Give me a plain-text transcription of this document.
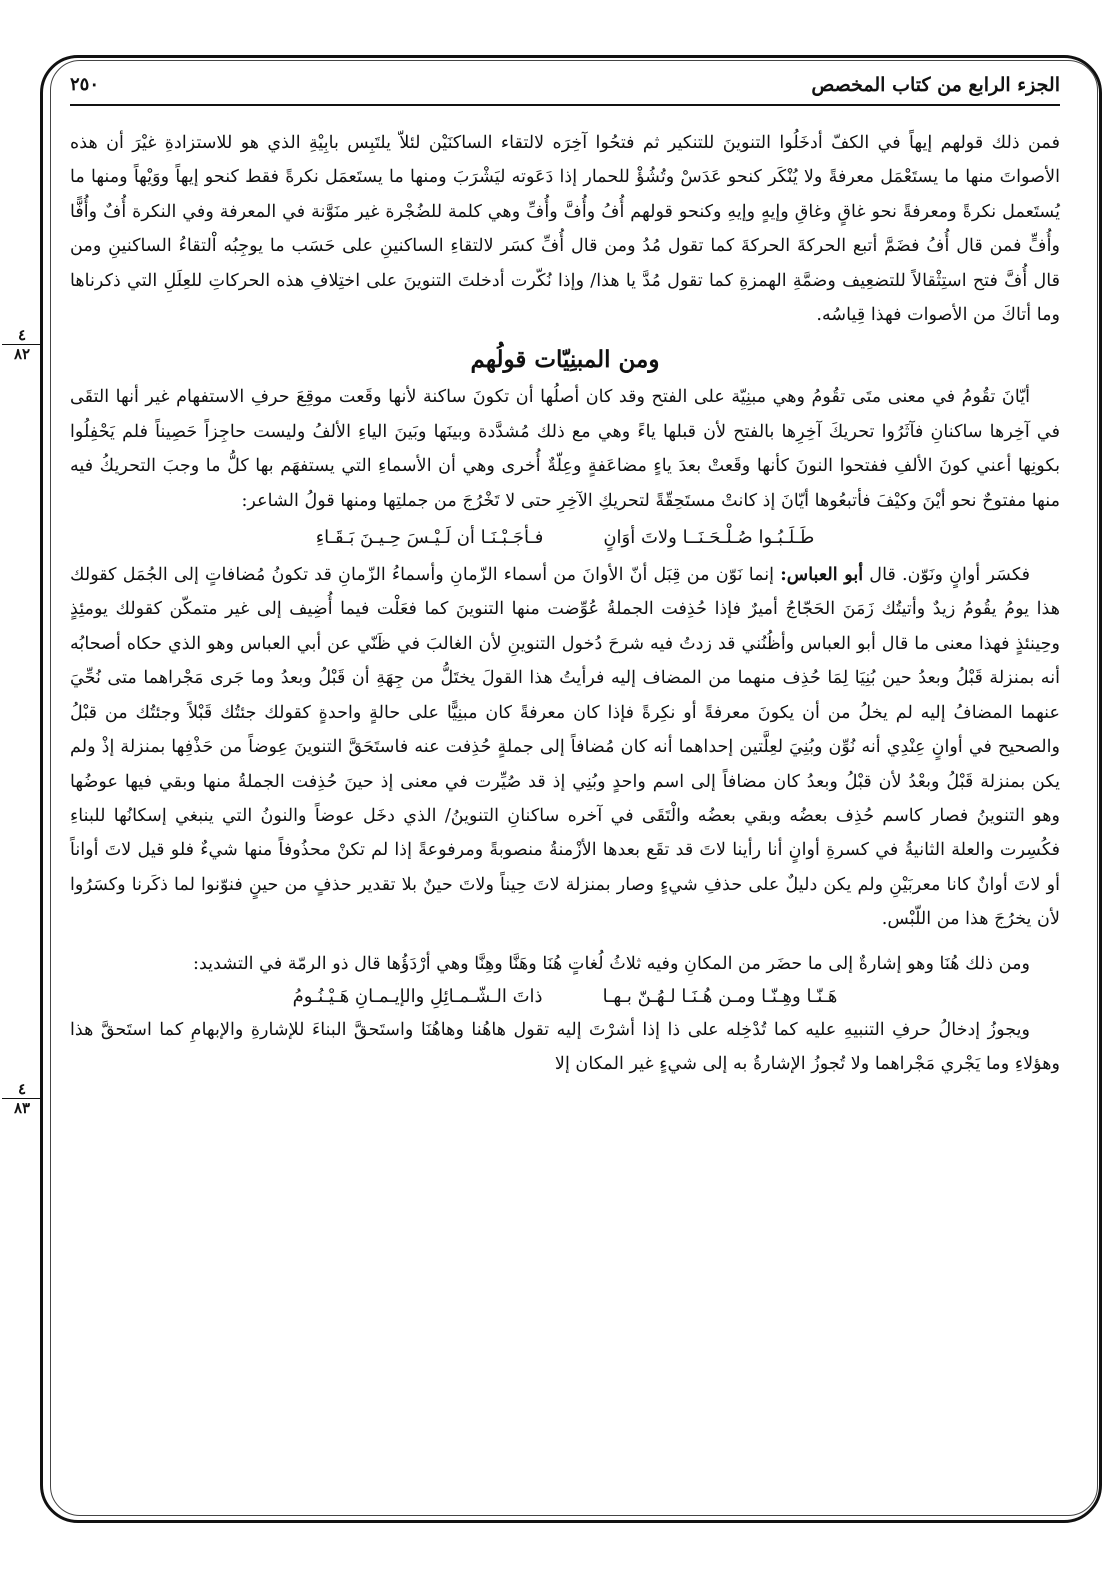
الجزء الرابع من كتاب المخصص
٢٥٠
٤
٨٢
٤
٨٣

فمن ذلك قولهم إيهاً في الكفّ أدخَلُوا التنوينَ للتنكير ثم فتحُوا آخِرَه لالتقاء الساكنَيْن لئلاّ يلتَبِس بابِيْةِ الذي هو للاستزادةِ غيْرَ أن هذه الأصواتَ منها ما يستَعْمَل معرفةً ولا يُنْكَر كنحو عَدَسْ وتُشُؤْ للحمار إذا دَعَوته ليَشْرَبَ ومنها ما يستَعمَل نكرةً فقط كنحو إيهاً ووَيْهاً ومنها ما يُستَعمل نكرةً ومعرفةً نحو غاقٍ وغاقِ وإيهٍ وإيهِ وكنحو قولهم أُفُ وأُفَّ وأُفِّ وهي كلمة للضُجْرة غير منَوَّنة في المعرفة وفي النكرة أُفٌ وأُفًّا وأُفٍّ فمن قال أُفُ فضَمَّ أتبع الحركةَ الحركةَ كما تقول مُدُ ومن قال أُفِّ كسَر لالتقاءِ الساكنينِ على حَسَب ما يوجِبُه اْلتقاءُ الساكنينِ ومن قال أُفَّ فتح استِثْقالاً للتضعِيف وضمَّةِ الهمزةِ كما تقول مُدَّ يا هذا/ وإذا نُكّرت أدخلتَ التنوينَ على اختِلافِ هذه الحركاتِ للعِلَلِ التي ذكرناها وما أتاكَ من الأصوات فهذا قِياسُه.

ومن المبنِيّات قولُهم

أيّانَ تقُومُ في معنى متَى تقُومُ وهي مبنِيّة على الفتح وقد كان أصلُها أن تكونَ ساكنة لأنها وقَعت موقِعَ حرفِ الاستفهام غير أنها التقَى في آخِرها ساكنانِ فآثَرُوا تحريكَ آخِرِها بالفتح لأن قبلها ياءً وهي مع ذلك مُشدَّدة وبينَها وبَينَ الياءِ الألفُ وليست حاجِزاً حَصِيناً فلم يَحْفِلُوا بكونِها أعني كونَ الألفِ ففتحوا النونَ كأنها وقَعتْ بعدَ ياءٍ مضاعَفةٍ وعِلّةٌ أُخرى وهي أن الأسماءِ التي يستفهَم بها كلُّ ما وجبَ التحريكُ فيه منها مفتوحٌ نحو أيْنَ وكيْفَ فأتبعُوها أيّانَ إذ كانتْ مستَحِقّةً لتحريكِ الآخِرِ حتى لا تَخْرُجَ من جملتِها ومنها قولُ الشاعر:

طَـلَـبُـوا صُـلْـحَـنَــا ولاتَ أوَانٍ
فـأجَـبْـنَـا أن لَـيْـسَ حِـيـنَ بَـقَـاءِ

فكسَر أوانٍ ونَوّن. قال أبو العباس: إنما نَوّن من قِبَل أنّ الأوانَ من أسماء الزّمانِ وأسماءُ الزّمانِ قد تكونُ مُضافاتٍ إلى الجُمَل كقولك هذا يومُ يقُومُ زيدٌ وأتيتُك زَمَنَ الحَجّاجُ أميرٌ فإذا حُذِفت الجملةُ عُوِّضت منها التنوينَ كما فعَلْت فيما أُضِيف إلى غير متمكّن كقولك يومئِذٍ وحِينئذٍ فهذا معنى ما قال أبو العباس وأظُنُني قد زدتُ فيه شرحَ دُخول التنوينِ لأن الغالبَ في ظَنّي عن أبي العباس وهو الذي حكاه أصحابُه أنه بمنزلة قَبْلُ وبعدُ حين بُنِيَا لِمَا حُذِف منهما من المضاف إليه فرأيتُ هذا القولَ يختَلُّ من جِهَةِ أن قَبْلُ وبعدُ وما جَرى مَجْراهما متى نُحِّيَ عنهما المضافُ إليه لم يخلُ من أن يكونَ معرفةً أو نكِرةً فإذا كان معرفةً كان مبنِيًّا على حالةٍ واحدةٍ كقولك جئتُك قَبْلاً وجئتُك من قبْلُ والصحيح في أوانٍ عِنْدِي أنه نُوِّن وبُنِيَ لعِلَّتين إحداهما أنه كان مُضافاً إلى جملةٍ حُذِفت عنه فاستَحَقَّ التنوينَ عِوضاً من حَذْفِها بمنزلة إذْ ولم يكن بمنزلة قَبْلُ وبعْدُ لأن قبْلُ وبعدُ كان مضافاً إلى اسم واحدٍ وبُنِي إذ قد صُيِّرت في معنى إذ حينَ حُذِفت الجملةُ منها وبقي فيها عوضُها وهو التنوينُ فصار كاسم حُذِف بعضُه وبقي بعضُه والْتَقَى في آخره ساكنانِ التنوينُ/ الذي دخَل عوضاً والنونُ التي ينبغي إسكانُها للبناءِ فكُسِرت والعلة الثانيةُ في كسرةِ أوانٍ أنا رأينا لاتَ قد تقَع بعدها الأزْمنةُ منصوبةً ومرفوعةً إذا لم تكنْ محذُوفاً منها شيءٌ فلو قيل لاتَ أواناً أو لاتَ أوانٌ كانا معربَيْنِ ولم يكن دليلٌ على حذفِ شيءٍ وصار بمنزلة لاتَ حِيناً ولاتَ حينٌ بلا تقدير حذفٍ من حينٍ فنوّنوا لما ذكَرنا وكسَرُوا لأن يخرُجَ هذا من اللّبْس.

ومن ذلك هُنَا وهو إشارةٌ إلى ما حضَر من المكانِ وفيه ثلاثُ لُغاتٍ هُنَا وهَنَّا وهِنَّا وهي أرْدَؤُها قال ذو الرمّة في التشديد:

هَـنّـا وهِـنّـا ومـن هُـنَـا لـهُـنّ بـهـا
ذاتَ الـشّـمـائِلِ والإيـمـانِ هَـيْـنُـومُ

ويجوزُ إدخالُ حرفِ التنبيهِ عليه كما تُدْخِله على ذا إذا أشرْتَ إليه تقول هاهُنا وهاهُنَا واستَحقَّ البناءَ للإشارةِ والإبهامِ كما استَحقَّ هذا وهؤلاءِ وما يَجْري مَجْراهما ولا تُجوزُ الإشارةُ به إلى شيءٍ غير المكان إلا
